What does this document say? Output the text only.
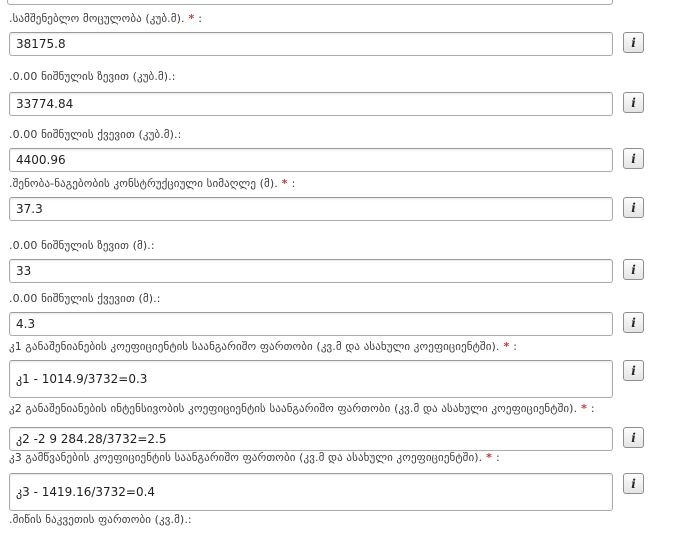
.სამშენებლო მოცულობა (კუბ.მ). * :
38175.8
i
.0.00 ნიშნულის ზევით (კუბ.მ).:
33774.84
i
.0.00 ნიშნულის ქვევით (კუბ.მ).:
4400.96
i
.შენობა-ნაგებობის კონსტრუქციული სიმაღლე (მ). * :
37.3
i
.0.00 ნიშნულის ზევით (მ).:
33
i
.0.00 ნიშნულის ქვევით (მ).:
4.3
i
კ1 განაშენიანების კოეფიციენტის საანგარიშო ფართობი (კვ.მ და ასახული კოეფიციენტში). * :
კ1 - 1014.9/3732=0.3
i
კ2 განაშენიანების ინტენსივობის კოეფიციენტის საანგარიშო ფართობი (კვ.მ და ასახული კოეფიციენტში). * :
კ2 -2 9 284.28/3732=2.5
i
კ3 გამწვანების კოეფიციენტის საანგარიშო ფართობი (კვ.მ და ასახული კოეფიციენტში). * :
კ3 - 1419.16/3732=0.4
i
.მიწის ნაკვეთის ფართობი (კვ.მ).:
